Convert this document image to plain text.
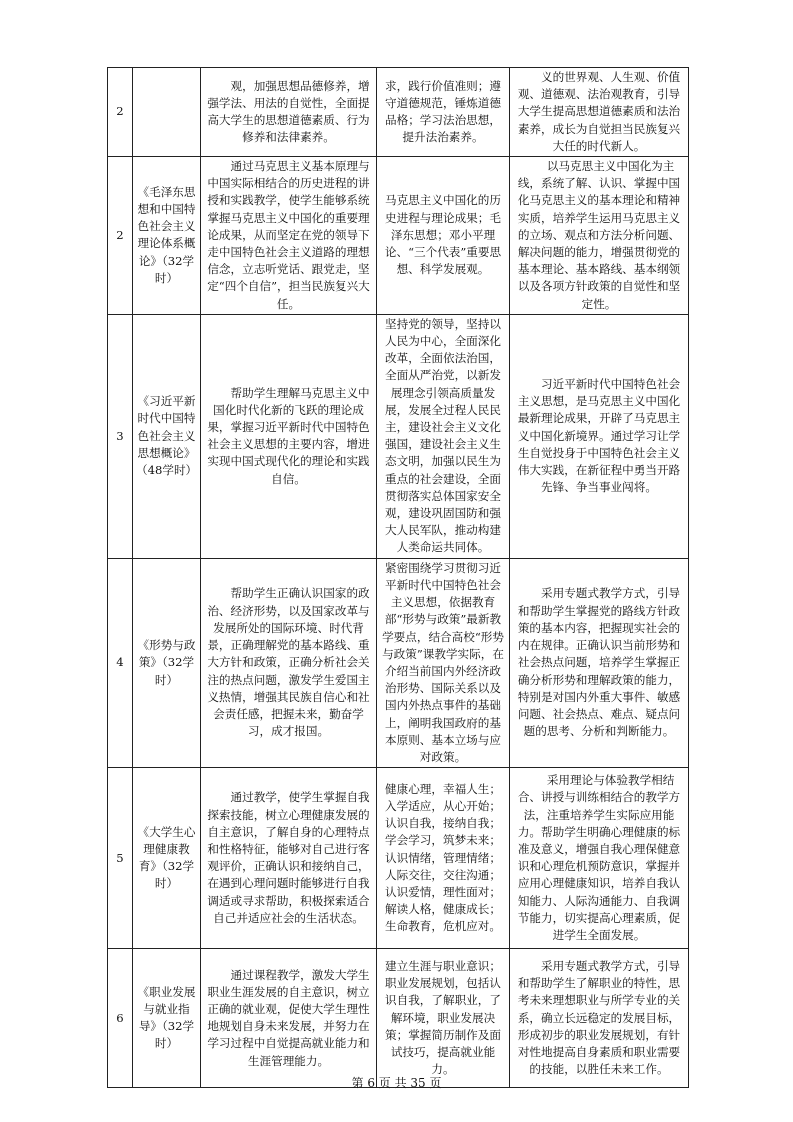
2		观，加强思想品德修养，增强学法、用法的自觉性，全面提高大学生的思想道德素质、行为修养和法律素养。	求，践行价值准则；遵守道德规范，锤炼道德品格；学习法治思想，提升法治素养。	义的世界观、人生观、价值观、道德观、法治观教育，引导大学生提高思想道德素质和法治素养，成长为自觉担当民族复兴大任的时代新人。
2	《毛泽东思想和中国特色社会主义理论体系概论》（32学时）	通过马克思主义基本原理与中国实际相结合的历史进程的讲授和实践教学，使学生能够系统掌握马克思主义中国化的重要理论成果，从而坚定在党的领导下走中国特色社会主义道路的理想信念，立志听党话、跟党走，坚定“四个自信”，担当民族复兴大任。	马克思主义中国化的历史进程与理论成果；毛泽东思想；邓小平理论、“三个代表”重要思想、科学发展观。	以马克思主义中国化为主线，系统了解、认识、掌握中国化马克思主义的基本理论和精神实质，培养学生运用马克思主义的立场、观点和方法分析问题、解决问题的能力，增强贯彻党的基本理论、基本路线、基本纲领以及各项方针政策的自觉性和坚定性。
3	《习近平新时代中国特色社会主义思想概论》（48学时）	帮助学生理解马克思主义中国化时代化新的飞跃的理论成果，掌握习近平新时代中国特色社会主义思想的主要内容，增进实现中国式现代化的理论和实践自信。	坚持党的领导，坚持以人民为中心，全面深化改革，全面依法治国，全面从严治党，以新发展理念引领高质量发展，发展全过程人民民主，建设社会主义文化强国，建设社会主义生态文明，加强以民生为重点的社会建设，全面贯彻落实总体国家安全观，建设巩固国防和强大人民军队，推动构建人类命运共同体。	习近平新时代中国特色社会主义思想，是马克思主义中国化最新理论成果，开辟了马克思主义中国化新境界。通过学习让学生自觉投身于中国特色社会主义伟大实践，在新征程中勇当开路先锋、争当事业闯将。
4	《形势与政策》（32学时）	帮助学生正确认识国家的政治、经济形势，以及国家改革与发展所处的国际环境、时代背景，正确理解党的基本路线、重大方针和政策，正确分析社会关注的热点问题，激发学生爱国主义热情，增强其民族自信心和社会责任感，把握未来，勤奋学习，成才报国。	紧密围绕学习贯彻习近平新时代中国特色社会主义思想，依据教育部“形势与政策”最新教学要点，结合高校“形势与政策”课教学实际，在介绍当前国内外经济政治形势、国际关系以及国内外热点事件的基础上，阐明我国政府的基本原则、基本立场与应对政策。	采用专题式教学方式，引导和帮助学生掌握党的路线方针政策的基本内容，把握现实社会的内在规律。正确认识当前形势和社会热点问题，培养学生掌握正确分析形势和理解政策的能力，特别是对国内外重大事件、敏感问题、社会热点、难点、疑点问题的思考、分析和判断能力。
5	《大学生心理健康教育》（32学时）	通过教学，使学生掌握自我探索技能，树立心理健康发展的自主意识，了解自身的心理特点和性格特征，能够对自己进行客观评价，正确认识和接纳自己，在遇到心理问题时能够进行自我调适或寻求帮助，积极探索适合自己并适应社会的生活状态。	健康心理，幸福人生；入学适应，从心开始；认识自我，接纳自我；学会学习，筑梦未来；认识情绪，管理情绪；人际交往，交往沟通；认识爱情，理性面对；解读人格，健康成长；生命教育，危机应对。	采用理论与体验教学相结合、讲授与训练相结合的教学方法，注重培养学生实际应用能力。帮助学生明确心理健康的标准及意义，增强自我心理保健意识和心理危机预防意识，掌握并应用心理健康知识，培养自我认知能力、人际沟通能力、自我调节能力，切实提高心理素质，促进学生全面发展。
6	《职业发展与就业指导》（32学时）	通过课程教学，激发大学生职业生涯发展的自主意识，树立正确的就业观，促使大学生理性地规划自身未来发展，并努力在学习过程中自觉提高就业能力和生涯管理能力。	建立生涯与职业意识；职业发展规划，包括认识自我，了解职业，了解环境，职业发展决策；掌握简历制作及面试技巧，提高就业能力。	采用专题式教学方式，引导和帮助学生了解职业的特性，思考未来理想职业与所学专业的关系，确立长远稳定的发展目标，形成初步的职业发展规划，有针对性地提高自身素质和职业需要的技能，以胜任未来工作。
第 6 页 共 35 页
